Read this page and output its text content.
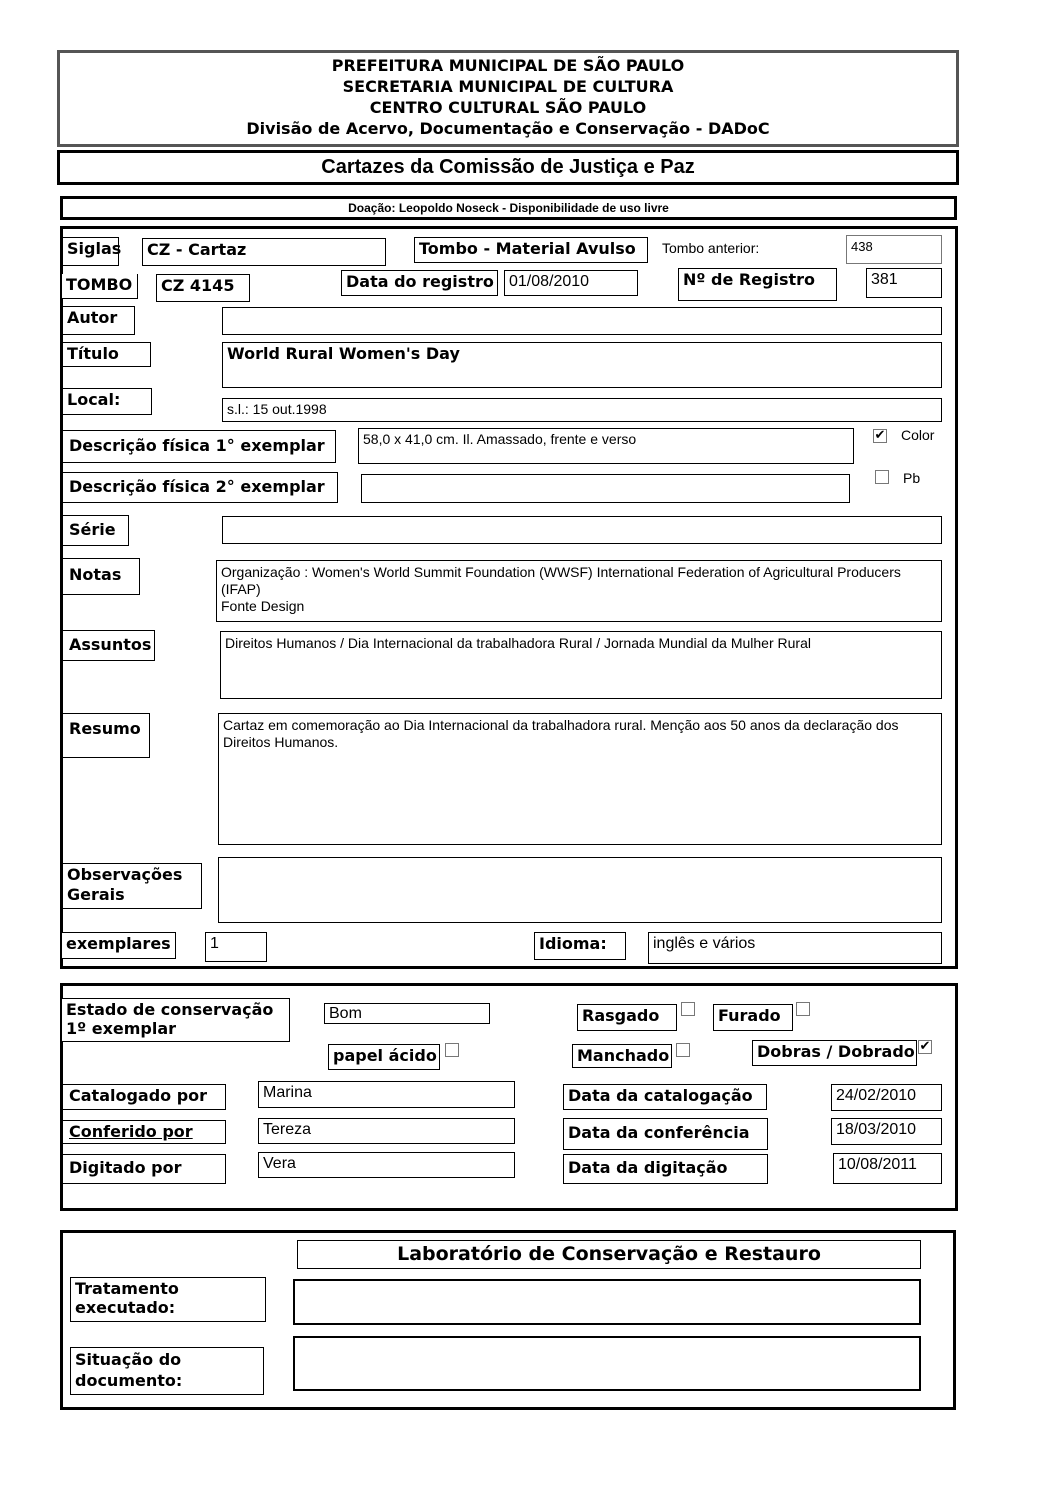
PREFEITURA MUNICIPAL DE SÃO PAULO
SECRETARIA MUNICIPAL DE CULTURA
CENTRO CULTURAL SÃO PAULO
Divisão de Acervo, Documentação e Conservação - DADoC
Cartazes da Comissão de Justiça e Paz
Doação: Leopoldo Noseck - Disponibilidade de uso livre
Siglas	CZ - Cartaz	Tombo - Material Avulso	Tombo anterior:	438
TOMBO	CZ 4145	Data do registro 01/08/2010	Nº de Registro	381
Autor
Título	World Rural Women's Day
Local:	s.l.: 15 out.1998
Descrição física 1° exemplar	58,0 x 41,0 cm. Il. Amassado, frente e verso	✔ Color
Descrição física 2° exemplar	Pb
Série
Notas	Organização : Women's World Summit Foundation (WWSF) International Federation of Agricultural Producers (IFAP)
Fonte Design
Assuntos	Direitos Humanos / Dia Internacional da trabalhadora Rural / Jornada Mundial da Mulher Rural
Resumo	Cartaz em comemoração ao Dia Internacional da trabalhadora rural. Menção aos 50 anos da declaração dos Direitos Humanos.
Observações Gerais
exemplares	1	Idioma:	inglês e vários
Estado de conservação 1º exemplar
Bom	Rasgado	Furado
papel ácido	Manchado	Dobras / Dobrado ✔
Catalogado por	Marina	Data da catalogação	24/02/2010
Conferido por	Tereza	Data da conferência	18/03/2010
Digitado por	Vera	Data da digitação	10/08/2011
Laboratório de Conservação e Restauro
Tratamento executado:
Situação do documento:
